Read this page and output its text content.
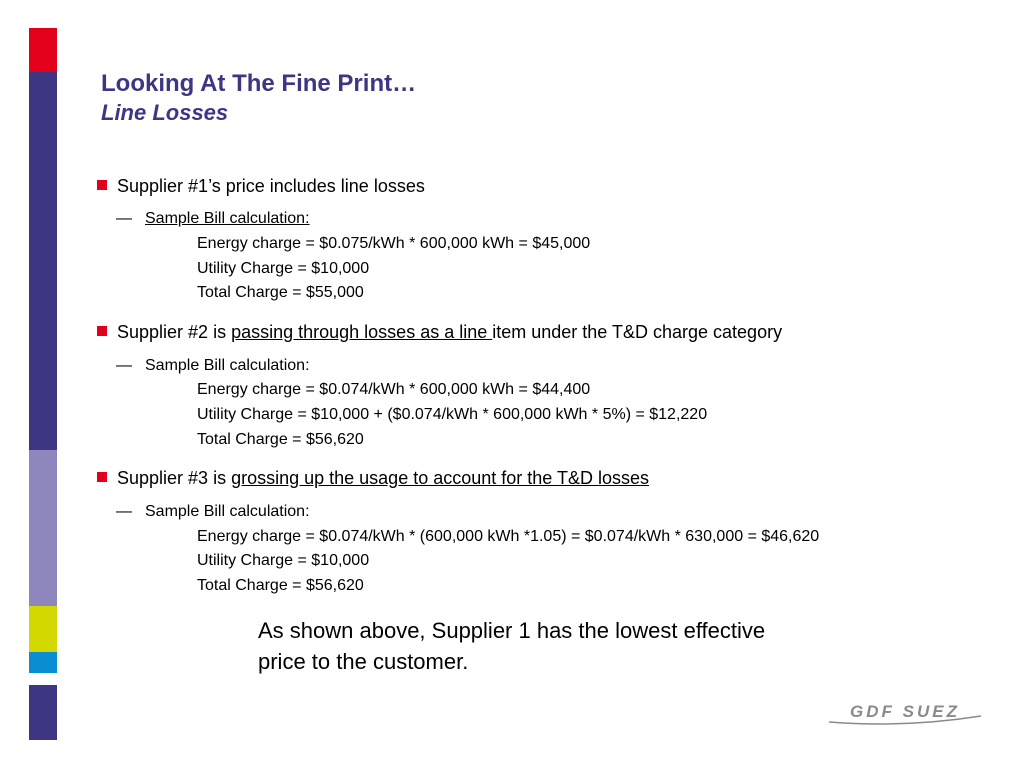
Looking At The Fine Print…
Line Losses
Supplier #1’s price includes line losses
— Sample Bill calculation:
Energy charge = $0.075/kWh * 600,000 kWh = $45,000
Utility Charge = $10,000
Total Charge = $55,000
Supplier #2 is passing through losses as a line item under the T&D charge category
— Sample Bill calculation:
Energy charge = $0.074/kWh * 600,000 kWh = $44,400
Utility Charge = $10,000 + ($0.074/kWh * 600,000 kWh * 5%) = $12,220
Total Charge = $56,620
Supplier #3 is grossing up the usage to account for the T&D losses
— Sample Bill calculation:
Energy charge = $0.074/kWh * (600,000 kWh *1.05) = $0.074/kWh * 630,000 = $46,620
Utility Charge = $10,000
Total Charge = $56,620
As shown above, Supplier 1 has the lowest effective price to the customer.
GDF SUEZ
